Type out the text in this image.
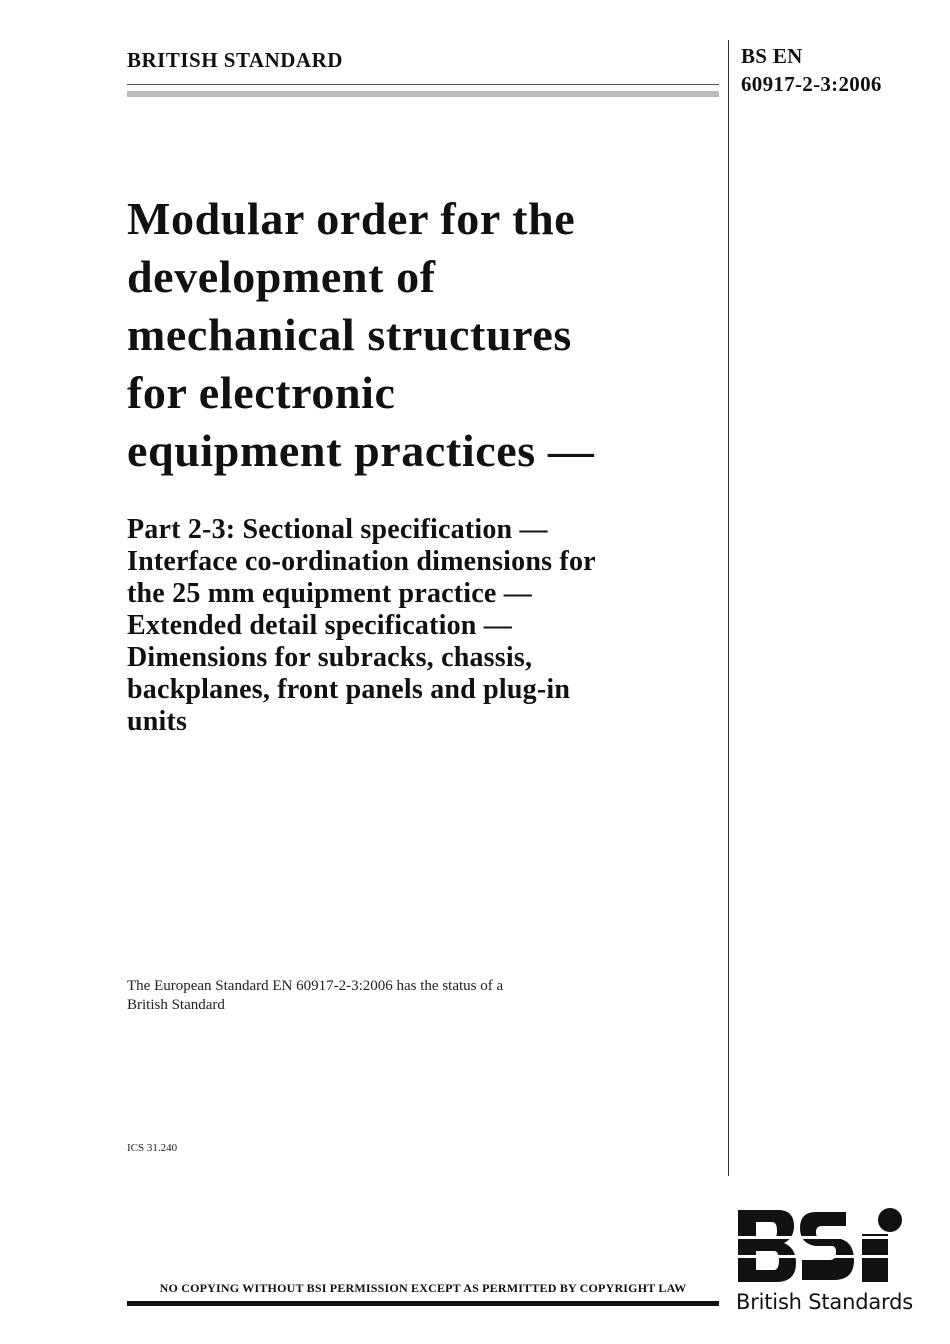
BRITISH STANDARD	BS EN
60917-2-3:2006
Modular order for the
development of
mechanical structures
for electronic
equipment practices —
Part 2-3: Sectional specification —
Interface co-ordination dimensions for
the 25 mm equipment practice —
Extended detail specification —
Dimensions for subracks, chassis,
backplanes, front panels and plug-in
units
The European Standard EN 60917-2-3:2006 has the status of a
British Standard
ICS 31.240
NO COPYING WITHOUT BSI PERMISSION EXCEPT AS PERMITTED BY COPYRIGHT LAW
British Standards
